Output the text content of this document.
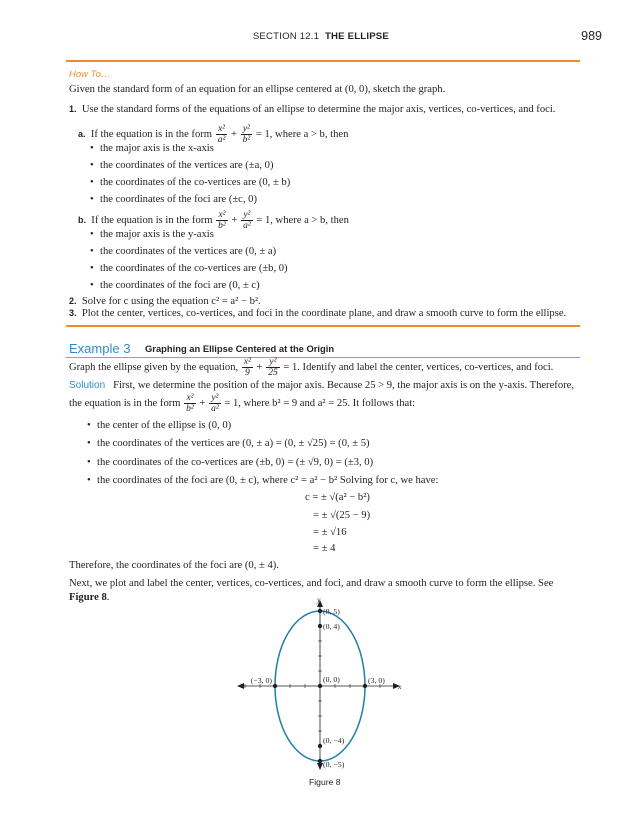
SECTION 12.1 THE ELLIPSE	989
How To…
Given the standard form of an equation for an ellipse centered at (0, 0), sketch the graph.
1. Use the standard forms of the equations of an ellipse to determine the major axis, vertices, co-vertices, and foci.
a. If the equation is in the form $\frac{\text{x²}}{\text{a²}} + \frac{\text{y²}}{\text{b²}} = 1$, where a > b, then
• the major axis is the x-axis
• the coordinates of the vertices are (±a, 0)
• the coordinates of the co-vertices are (0, ± b)
• the coordinates of the foci are (±c, 0)
b. If the equation is in the form $\frac{\text{x²}}{\text{b²}} + \frac{\text{y²}}{\text{a²}} = 1$, where a > b, then
• the major axis is the y-axis
• the coordinates of the vertices are (0, ± a)
• the coordinates of the co-vertices are (±b, 0)
• the coordinates of the foci are (0, ± c)
2. Solve for c using the equation c² = a² − b².
3. Plot the center, vertices, co-vertices, and foci in the coordinate plane, and draw a smooth curve to form the ellipse.
Example 3 Graphing an Ellipse Centered at the Origin
Graph the ellipse given by the equation, $\frac{\text{x²}}{9} + \frac{\text{y²}}{25} = 1$. Identify and label the center, vertices, co-vertices, and foci.
Solution First, we determine the position of the major axis. Because 25 > 9, the major axis is on the y-axis. Therefore,
the equation is in the form $\frac{\text{x²}}{\text{b²}} + \frac{\text{y²}}{\text{a²}} = 1$, where b² = 9 and a² = 25. It follows that:
• the center of the ellipse is (0, 0)
• the coordinates of the vertices are (0, ± a) = (0, ± √25) = (0, ± 5)
• the coordinates of the co-vertices are (±b, 0) = (± √9, 0) = (±3, 0)
• the coordinates of the foci are (0, ± c), where c² = a² − b² Solving for c, we have:
c = ± √(a² − b²)
= ± √(25 − 9)
= ± √16
= ± 4
Therefore, the coordinates of the foci are (0, ± 4).
Next, we plot and label the center, vertices, co-vertices, and foci, and draw a smooth curve to form the ellipse. See
Figure 8.
x
y
(0, 5)
(0, 4)
(0, 0)
(−3, 0)	(3, 0)
(0, −4)
(0, −5)
Figure 8
